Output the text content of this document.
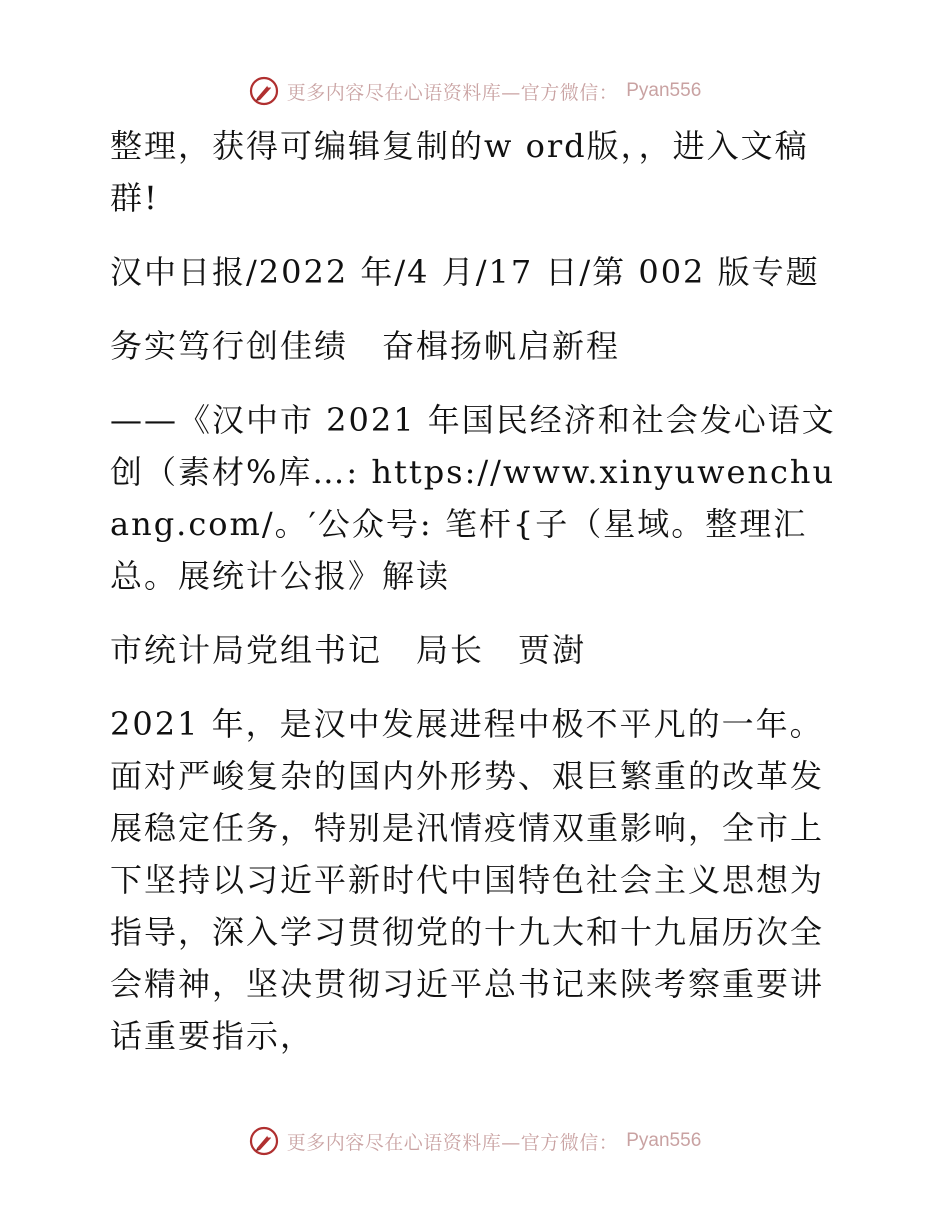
更多内容尽在心语资料库—官方微信： Pyan556

整理，获得可编辑复制的w ord版，，进入文稿群!

汉中日报/2022 年/4 月/17 日/第 002 版专题

务实笃行创佳绩　奋楫扬帆启新程

——《汉中市 2021 年国民经济和社会发心语文创（素材%库…: https://www.xinyuwenchuang.com/。′公众号: 笔杆{子（星域。整理汇总。展统计公报》解读

市统计局党组书记　局长　贾澍

2021 年，是汉中发展进程中极不平凡的一年。面对严峻复杂的国内外形势、艰巨繁重的改革发展稳定任务，特别是汛情疫情双重影响，全市上下坚持以习近平新时代中国特色社会主义思想为指导，深入学习贯彻党的十九大和十九届历次全会精神，坚决贯彻习近平总书记来陕考察重要讲话重要指示，

更多内容尽在心语资料库—官方微信： Pyan556
